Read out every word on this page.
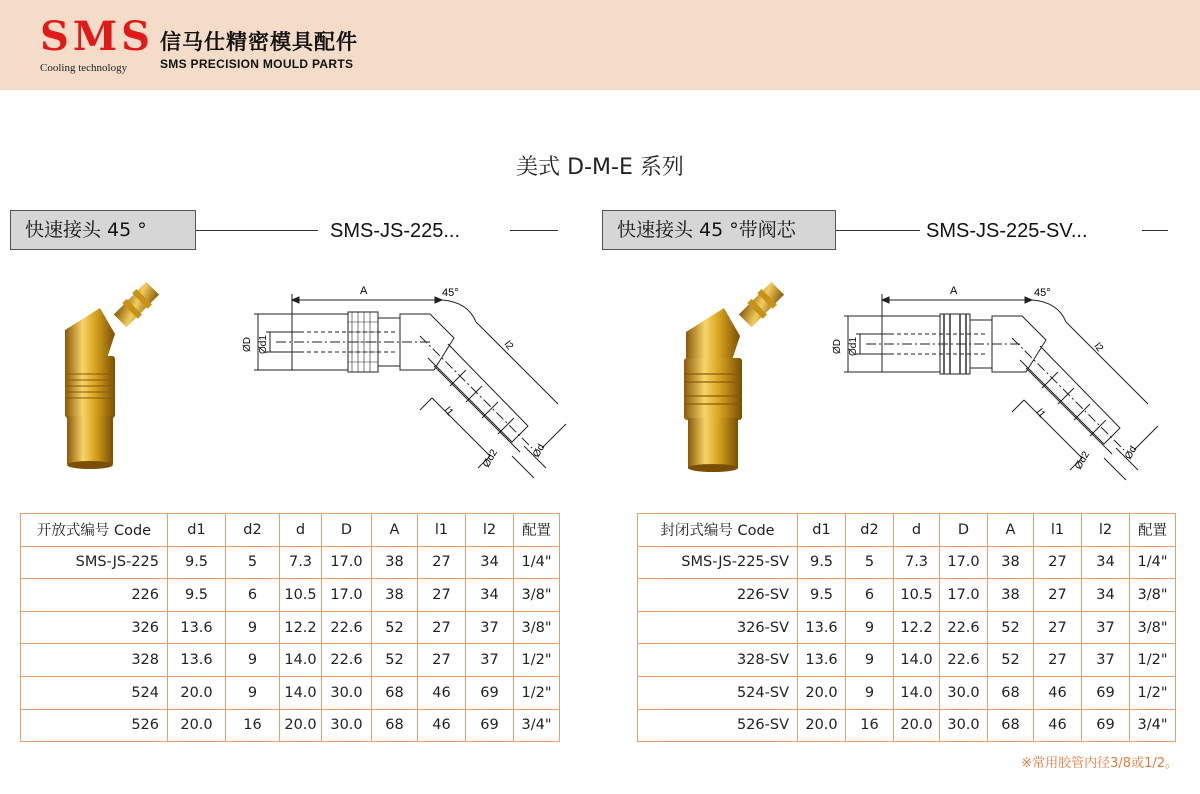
SMS
Cooling technology
信马仕精密模具配件
SMS PRECISION MOULD PARTS
美式 D-M-E 系列
快速接头 45 °	SMS-JS-225...	快速接头 45 °带阀芯	SMS-JS-225-SV...
A	45°
ØD Ød1	l2
l1
Ød2	Ød
A	45°
ØD Ød1	l2
l1
Ød2	Ød
开放式编号 Code	d1	d2	d	D	A	l1	l2	配置
SMS-JS-225	9.5	5	7.3	17.0	38	27	34	1/4"
226	9.5	6	10.5	17.0	38	27	34	3/8"
326	13.6	9	12.2	22.6	52	27	37	3/8"
328	13.6	9	14.0	22.6	52	27	37	1/2"
524	20.0	9	14.0	30.0	68	46	69	1/2"
526	20.0	16	20.0	30.0	68	46	69	3/4"
封闭式编号 Code	d1	d2	d	D	A	l1	l2	配置
SMS-JS-225-SV	9.5	5	7.3	17.0	38	27	34	1/4"
226-SV	9.5	6	10.5	17.0	38	27	34	3/8"
326-SV	13.6	9	12.2	22.6	52	27	37	3/8"
328-SV	13.6	9	14.0	22.6	52	27	37	1/2"
524-SV	20.0	9	14.0	30.0	68	46	69	1/2"
526-SV	20.0	16	20.0	30.0	68	46	69	3/4"
※常用胶管内径3/8或1/2。
